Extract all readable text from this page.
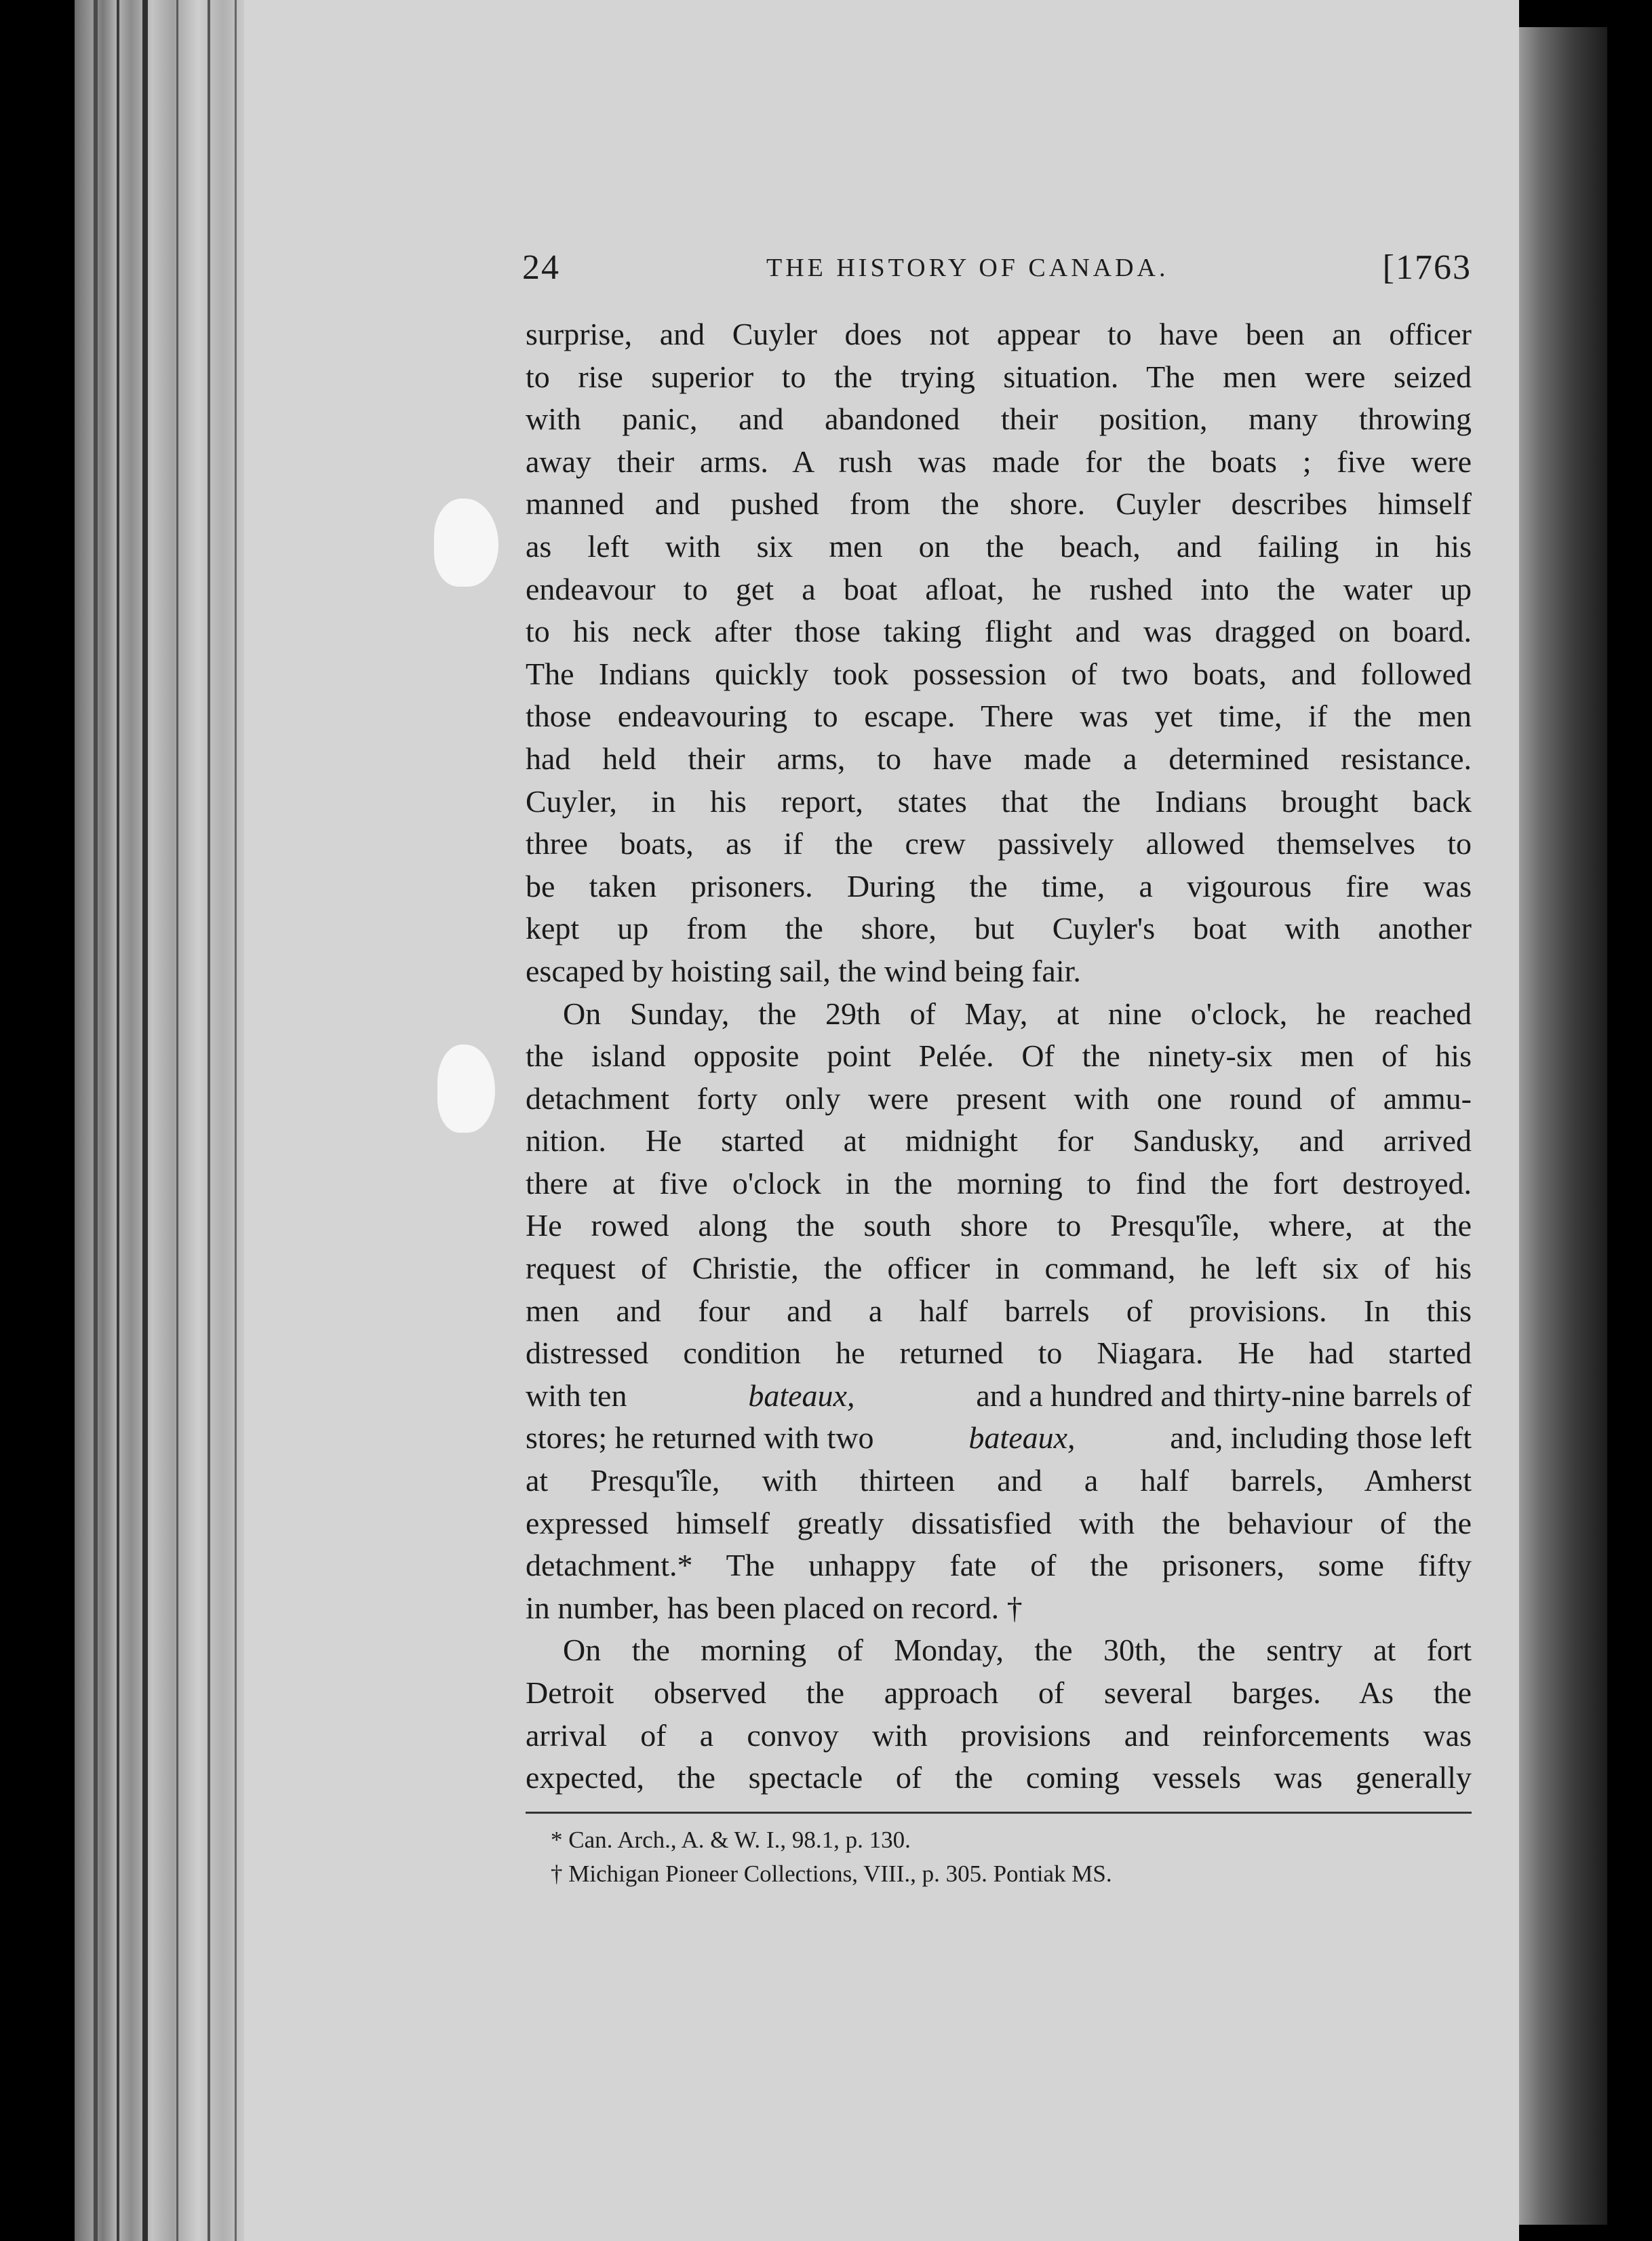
24	THE HISTORY OF CANADA.	[1763
surprise, and Cuyler does not appear to have been an officer
to rise superior to the trying situation. The men were seized
with panic, and abandoned their position, many throwing
away their arms. A rush was made for the boats ; five were
manned and pushed from the shore. Cuyler describes himself
as left with six men on the beach, and failing in his
endeavour to get a boat afloat, he rushed into the water up
to his neck after those taking flight and was dragged on board.
The Indians quickly took possession of two boats, and followed
those endeavouring to escape. There was yet time, if the men
had held their arms, to have made a determined resistance.
Cuyler, in his report, states that the Indians brought back
three boats, as if the crew passively allowed themselves to
be taken prisoners. During the time, a vigourous fire was
kept up from the shore, but Cuyler's boat with another
escaped by hoisting sail, the wind being fair.
On Sunday, the 29th of May, at nine o'clock, he reached
the island opposite point Pelée. Of the ninety-six men of his
detachment forty only were present with one round of ammu-
nition. He started at midnight for Sandusky, and arrived
there at five o'clock in the morning to find the fort destroyed.
He rowed along the south shore to Presqu'île, where, at the
request of Christie, the officer in command, he left six of his
men and four and a half barrels of provisions. In this
distressed condition he returned to Niagara. He had started
with ten	bateaux,	and a hundred and thirty-nine barrels of
stores; he returned with two	bateaux,	and, including those left
at Presqu'île, with thirteen and a half barrels, Amherst
expressed himself greatly dissatisfied with the behaviour of the
detachment.* The unhappy fate of the prisoners, some fifty
in number, has been placed on record. †
On the morning of Monday, the 30th, the sentry at fort
Detroit observed the approach of several barges. As the
arrival of a convoy with provisions and reinforcements was
expected, the spectacle of the coming vessels was generally
* Can. Arch., A. & W. I., 98.1, p. 130.
† Michigan Pioneer Collections, VIII., p. 305. Pontiak MS.
